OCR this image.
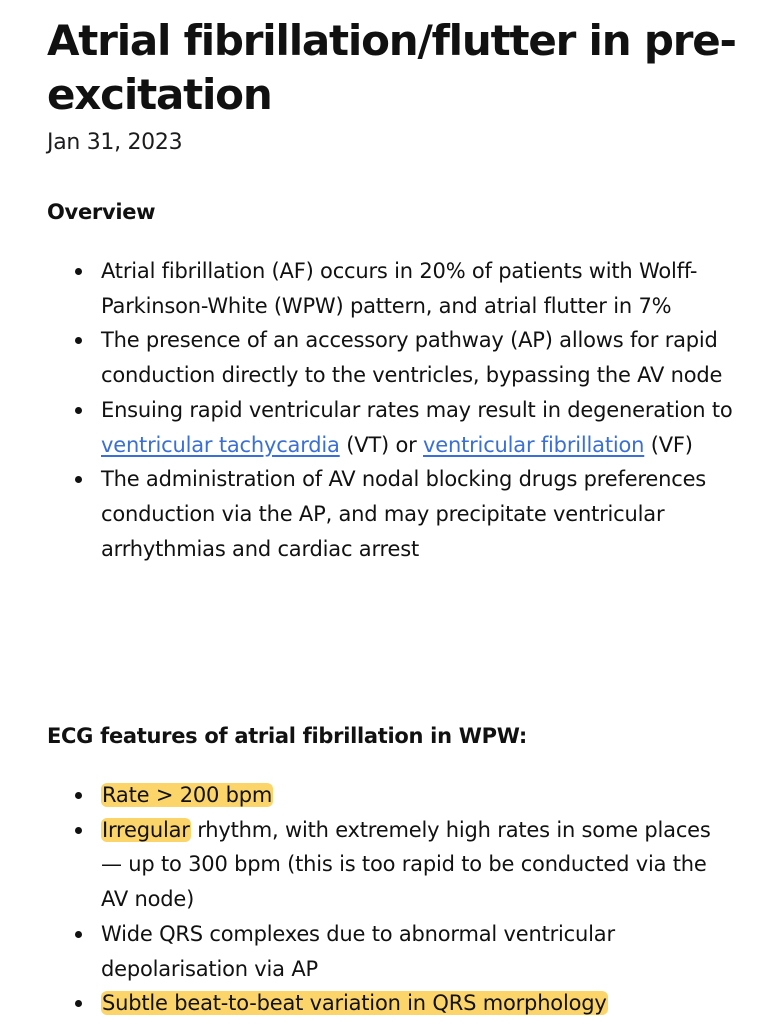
Atrial fibrillation/flutter in pre-excitation
Jan 31, 2023
Overview
Atrial fibrillation (AF) occurs in 20% of patients with Wolff-Parkinson-White (WPW) pattern, and atrial flutter in 7%
The presence of an accessory pathway (AP) allows for rapid conduction directly to the ventricles, bypassing the AV node
Ensuing rapid ventricular rates may result in degeneration to ventricular tachycardia (VT) or ventricular fibrillation (VF)
The administration of AV nodal blocking drugs preferences conduction via the AP, and may precipitate ventricular arrhythmias and cardiac arrest
ECG features of atrial fibrillation in WPW:
Rate > 200 bpm
Irregular rhythm, with extremely high rates in some places — up to 300 bpm (this is too rapid to be conducted via the AV node)
Wide QRS complexes due to abnormal ventricular depolarisation via AP
Subtle beat-to-beat variation in QRS morphology
